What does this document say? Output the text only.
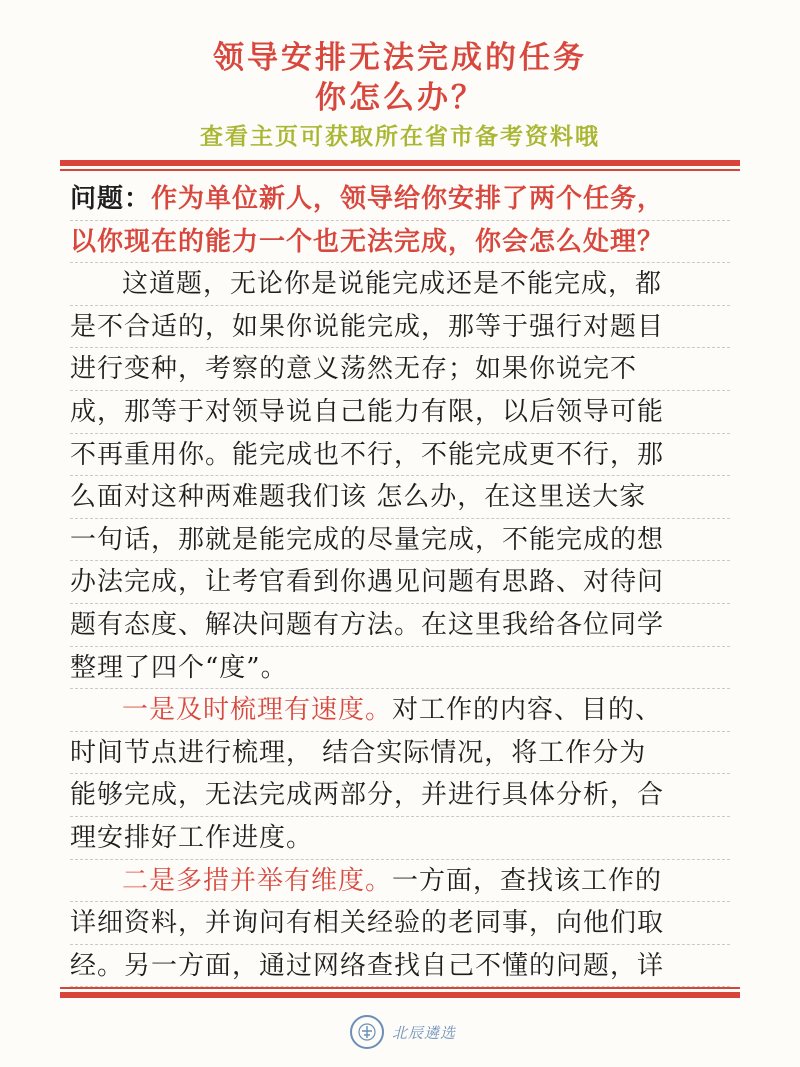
领导安排无法完成的任务
你怎么办？
查看主页可获取所在省市备考资料哦
问题：作为单位新人，领导给你安排了两个任务，
以你现在的能力一个也无法完成，你会怎么处理？
这道题，无论你是说能完成还是不能完成，都
是不合适的，如果你说能完成，那等于强行对题目
进行变种，考察的意义荡然无存；如果你说完不
成，那等于对领导说自己能力有限，以后领导可能
不再重用你。能完成也不行，不能完成更不行，那
么面对这种两难题我们该 怎么办，在这里送大家
一句话，那就是能完成的尽量完成，不能完成的想
办法完成，让考官看到你遇见问题有思路、对待问
题有态度、解决问题有方法。在这里我给各位同学
整理了四个“度”。
一是及时梳理有速度。对工作的内容、目的、
时间节点进行梳理， 结合实际情况，将工作分为
能够完成，无法完成两部分，并进行具体分析，合
理安排好工作进度。
二是多措并举有维度。一方面，查找该工作的
详细资料，并询问有相关经验的老同事，向他们取
经。另一方面，通过网络查找自己不懂的问题，详
北辰遴选
